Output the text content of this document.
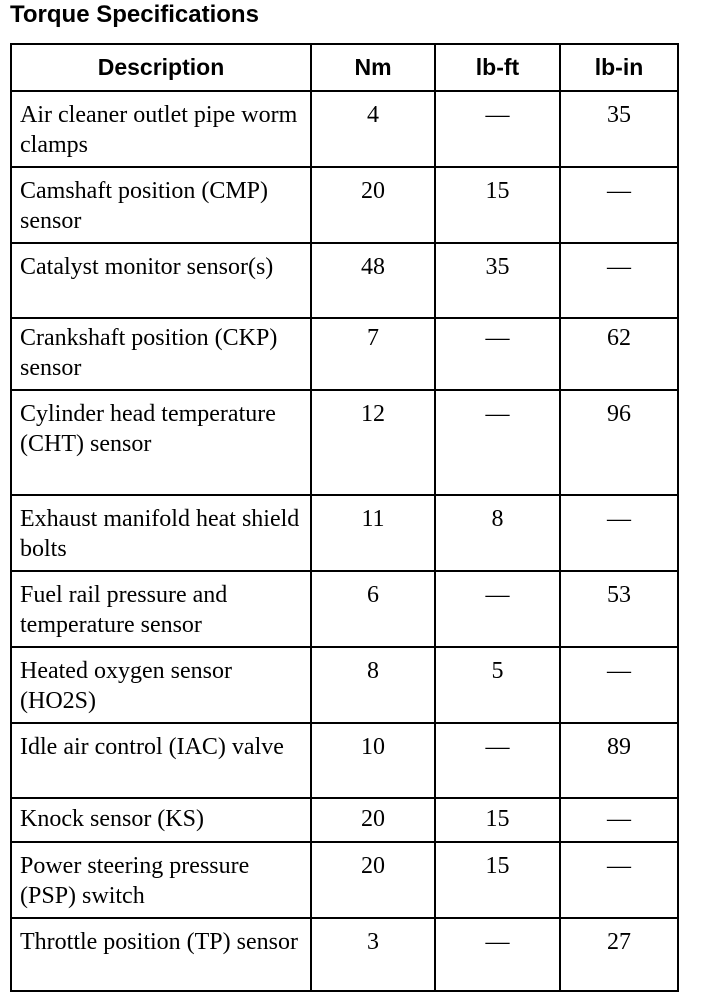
Torque Specifications
Description	Nm	lb-ft	lb-in
Air cleaner outlet pipe worm clamps	4	—	35
Camshaft position (CMP) sensor	20	15	—
Catalyst monitor sensor(s)	48	35	—
Crankshaft position (CKP) sensor	7	—	62
Cylinder head temperature (CHT) sensor	12	—	96
Exhaust manifold heat shield bolts	11	8	—
Fuel rail pressure and temperature sensor	6	—	53
Heated oxygen sensor (HO2S)	8	5	—
Idle air control (IAC) valve	10	—	89
Knock sensor (KS)	20	15	—
Power steering pressure (PSP) switch	20	15	—
Throttle position (TP) sensor	3	—	27
